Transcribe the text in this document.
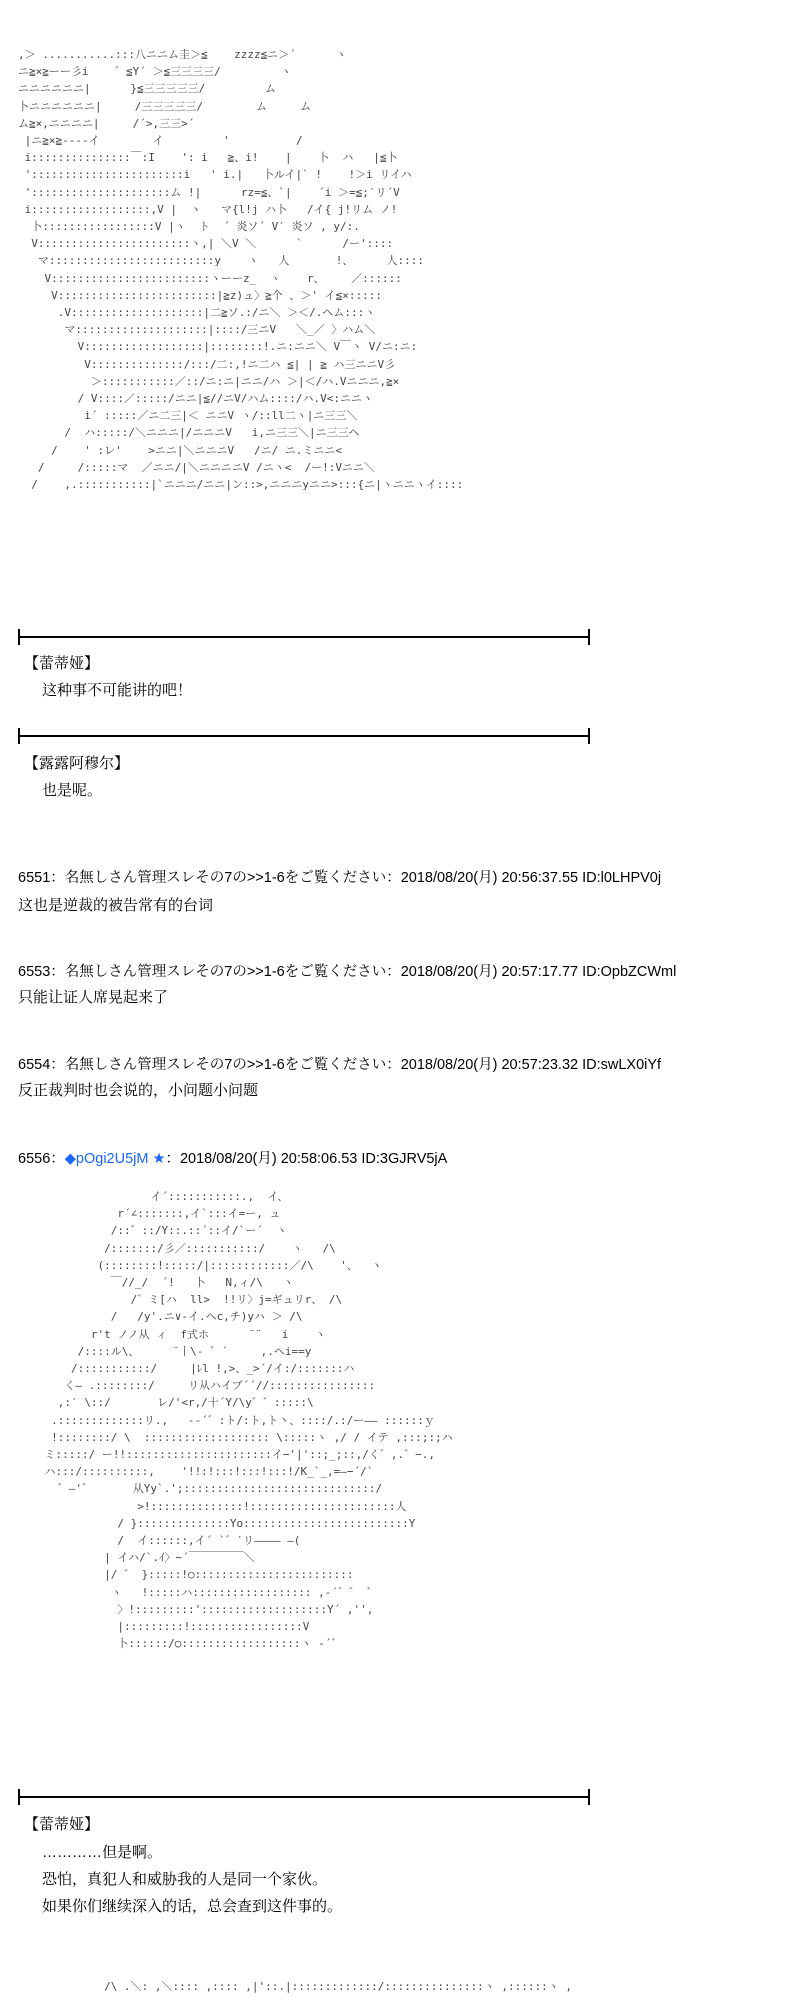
,＞ ...........:::八ニニム圭＞≦    zzzz≦ニ＞´      ヽ
ニ≧×≧ーー彡i    ゛≦Y´ ＞≦三三三三/         ヽ
ニニニニニニ|      }≦三三三三三/         ム
卜ニニニニニニ|     /三三三三三/        ム     ム
ム≧×,ニニニニ|     /´>,三三>´
|ニ≧×≧----イ        イ         '          /
i:::::::::::::::￣:I    ': i   ≧、i!    |    卜  ハ   |≦卜
':::::::::::::::::::::::i   ' i.|   卜ルイ|` !    !＞i リイハ
':::::::::::::::::::::ム !|      rz=≦、`|    ´i ＞=≦;′リ´V
i::::::::::::::::::,V |  ヽ   マ{l!j ハ卜   /イ{ j!リム ノ!
卜:::::::::::::::::V |ヽ  ト  ´ 炎ソ´ V′ 炎ソ , y/:.
V:::::::::::::::::::::::ヽ,| ＼V ＼      `      /ー'::::
マ:::::::::::::::::::::::::y    ヽ   人       !、     人::::
V::::::::::::::::::::::::ヽーーz_  ヽ    r、    ／::::::
V::::::::::::::::::::::::|≧z)ュ〉≧个 、＞' イ≦×:::::
.V::::::::::::::::::::|二≧ソ.:/ニ＼ ＞＜/.ヘム:::ヽ
マ::::::::::::::::::::|::::/三ニV   ＼_／ 〉ハム＼
V::::::::::::::::::|::::::::!.ニ:ニニ＼ V￣ヽ V/ニ:ニ:
V::::::::::::::/:::/二:,!ニ二ハ ≦| | ≧ ハ三ニニV彡
＞:::::::::::／::/ニ:ニ|ニニ/ハ ＞|＜/ハ.Vニニニ,≧×
/ V::::／:::::/ニニ|≦//ニV/ハム::::/ハ.V<:ニニヽ
i´ :::::／ニ二三|＜ ニニV ヽ/::ll二ヽ|ニ三三＼
/  ハ:::::/＼ニニニ|/ニニニV   i,ニ三三＼|ニ三三ヘ
/    ' :レ'    >ニニ|＼ニニニV   /ニ/ ニ.ミニニ<
/     /:::::マ  ／ニニ/|＼ニニニニV /ニヽ<  /ー!:Vニニ＼
/    ,.:::::::::::|`ニニニ/ニニ|ン::>,ニニニyニニ>:::{ニ|ヽニニヽイ::::
【蕾蒂娅】
这种事不可能讲的吧！
【露露阿穆尔】
也是呢。
6551：名無しさん管理スレその7の>>1-6をご覧ください：2018/08/20(月) 20:56:37.55 ID:l0LHPV0j
这也是逆裁的被告常有的台词
6553：名無しさん管理スレその7の>>1-6をご覧ください：2018/08/20(月) 20:57:17.77 ID:OpbZCWml
只能让证人席晃起来了
6554：名無しさん管理スレその7の>>1-6をご覧ください：2018/08/20(月) 20:57:23.32 ID:swLX0iYf
反正裁判时也会说的，小问题小问题
6556：◆pOgi2U5jM ★：2018/08/20(月) 20:58:06.53 ID:3GJRV5jA
イ´:::::::::::.,  イ、
r´∠:::::::,イ`:::イ=ー, ュ
/::゛::/Y::.::´::イ/`ー´  ヽ
/:::::::/彡／:::::::::::/    ヽ   /\
(::::::::!:::::/|::::::::::::／/\    '、  ヽ
￣//_/  ´!   卜   N,ィ/\   ヽ
/゛ミ[ハ  ll>  !!リ〉j=ギュリr、 /\
/   /y'.ニ∨-イ.ヘc,チ)yハ ＞ /\
r't ノノ从 ィ  f式ホ      ¨¨   i    ヽ
/::::ル\、     ¨丨\- ゛´     ,.ヘi==y
/:::::::::::/     |ﾚl !,>、_>´/イ:/:::::::ハ
く― .::::::::/     リ从ハイブ´´//::::::::::::::::
,:′ \::/       レ/'<r,/十´Y/\y゛゛:::::\
.:::::::::::::リ.,   -‐´゛:ト/:ト,ト丶、::::/.:/ー―― ::::::ｙ
!::::::::/ \  ::::::::::::::::::: \:::::ヽ ,/ / イテ ,:::;:;ハ
ミ:::::/ ー!!::::::::::::::::::::::イ−'|'::;_;::,/く゛,.゛−.,
ハ:::/::::::::::,    '!!:!:::!:::!:::!/K_`_,=―−´/`
゛―'゛      从Yy`.';:::::::::::::::::::::::::::::/
>!::::::::::::::!::::::::::::::::::::::人
/ }::::::::::::::Yo:::::::::::::::::::::::::Y
/  イ::::::,イ´ `゛′リ―――― ―(
| イハ/`.ｲ〉∼´￣￣￣￣￣＼
|/ ゛ }:::::!○::::::::::::::::::::::::
ヽ   !:::::ハ:::::::::::::::::: ,‐´゛゛ ゛
〉!:::::::::':::::::::::::::::::Y´ ,'',
|:::::::::!:::::::::::::::::V
卜::::::/○::::::::::::::::::ヽ ‐´゛
【蕾蒂娅】
…………但是啊。
恐怕，真犯人和威胁我的人是同一个家伙。
如果你们继续深入的话，总会查到这件事的。
/\ .＼: ,＼:::: ,:::: ,|'::.|:::::::::::::/:::::::::::::::ヽ ,::::::ヽ ,
